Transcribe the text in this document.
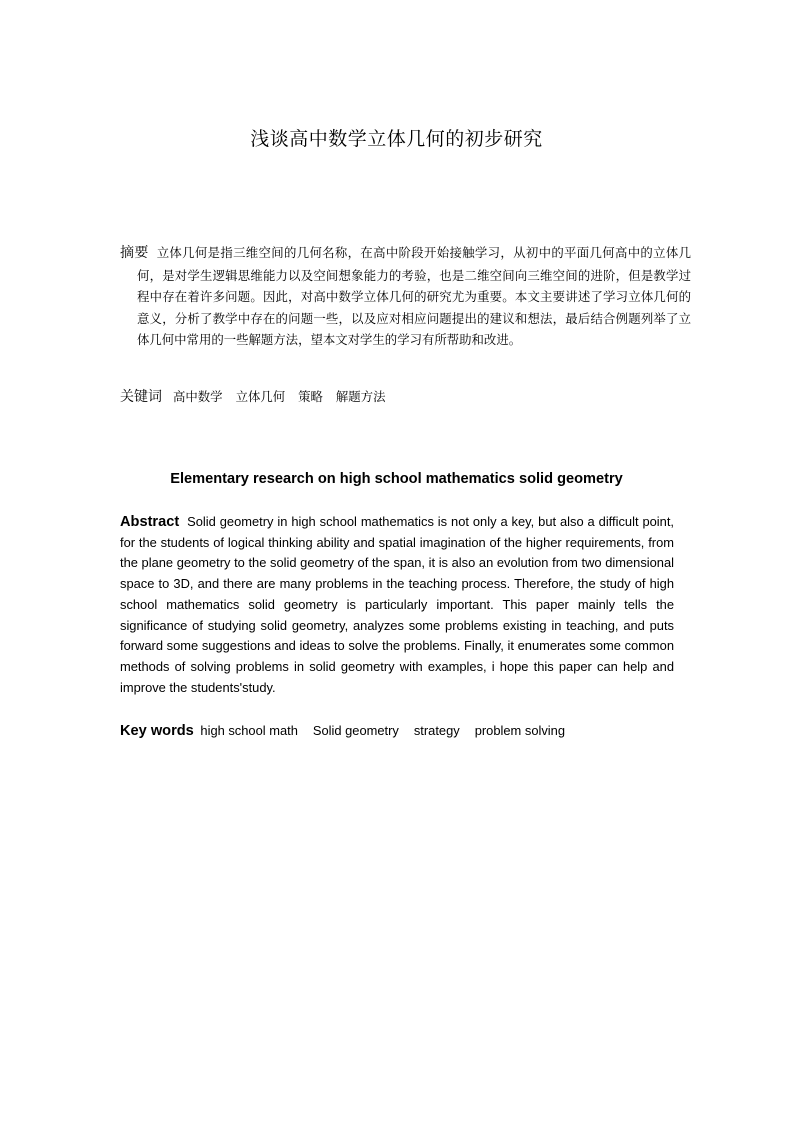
浅谈高中数学立体几何的初步研究
摘要 立体几何是指三维空间的几何名称，在高中阶段开始接触学习，从初中的平面几何高中的立体几何，是对学生逻辑思维能力以及空间想象能力的考验，也是二维空间向三维空间的进阶，但是教学过程中存在着许多问题。因此，对高中数学立体几何的研究尤为重要。本文主要讲述了学习立体几何的意义，分析了教学中存在的问题一些，以及应对相应问题提出的建议和想法，最后结合例题列举了立体几何中常用的一些解题方法，望本文对学生的学习有所帮助和改进。
关键词 高中数学 立体几何 策略 解题方法
Elementary research on high school mathematics solid geometry
Abstract Solid geometry in high school mathematics is not only a key, but also a difficult point, for the students of logical thinking ability and spatial imagination of the higher requirements, from the plane geometry to the solid geometry of the span, it is also an evolution from two dimensional space to 3D, and there are many problems in the teaching process. Therefore, the study of high school mathematics solid geometry is particularly important. This paper mainly tells the significance of studying solid geometry, analyzes some problems existing in teaching, and puts forward some suggestions and ideas to solve the problems. Finally, it enumerates some common methods of solving problems in solid geometry with examples, i hope this paper can help and improve the students'study.
Key words high school math Solid geometry strategy problem solving
